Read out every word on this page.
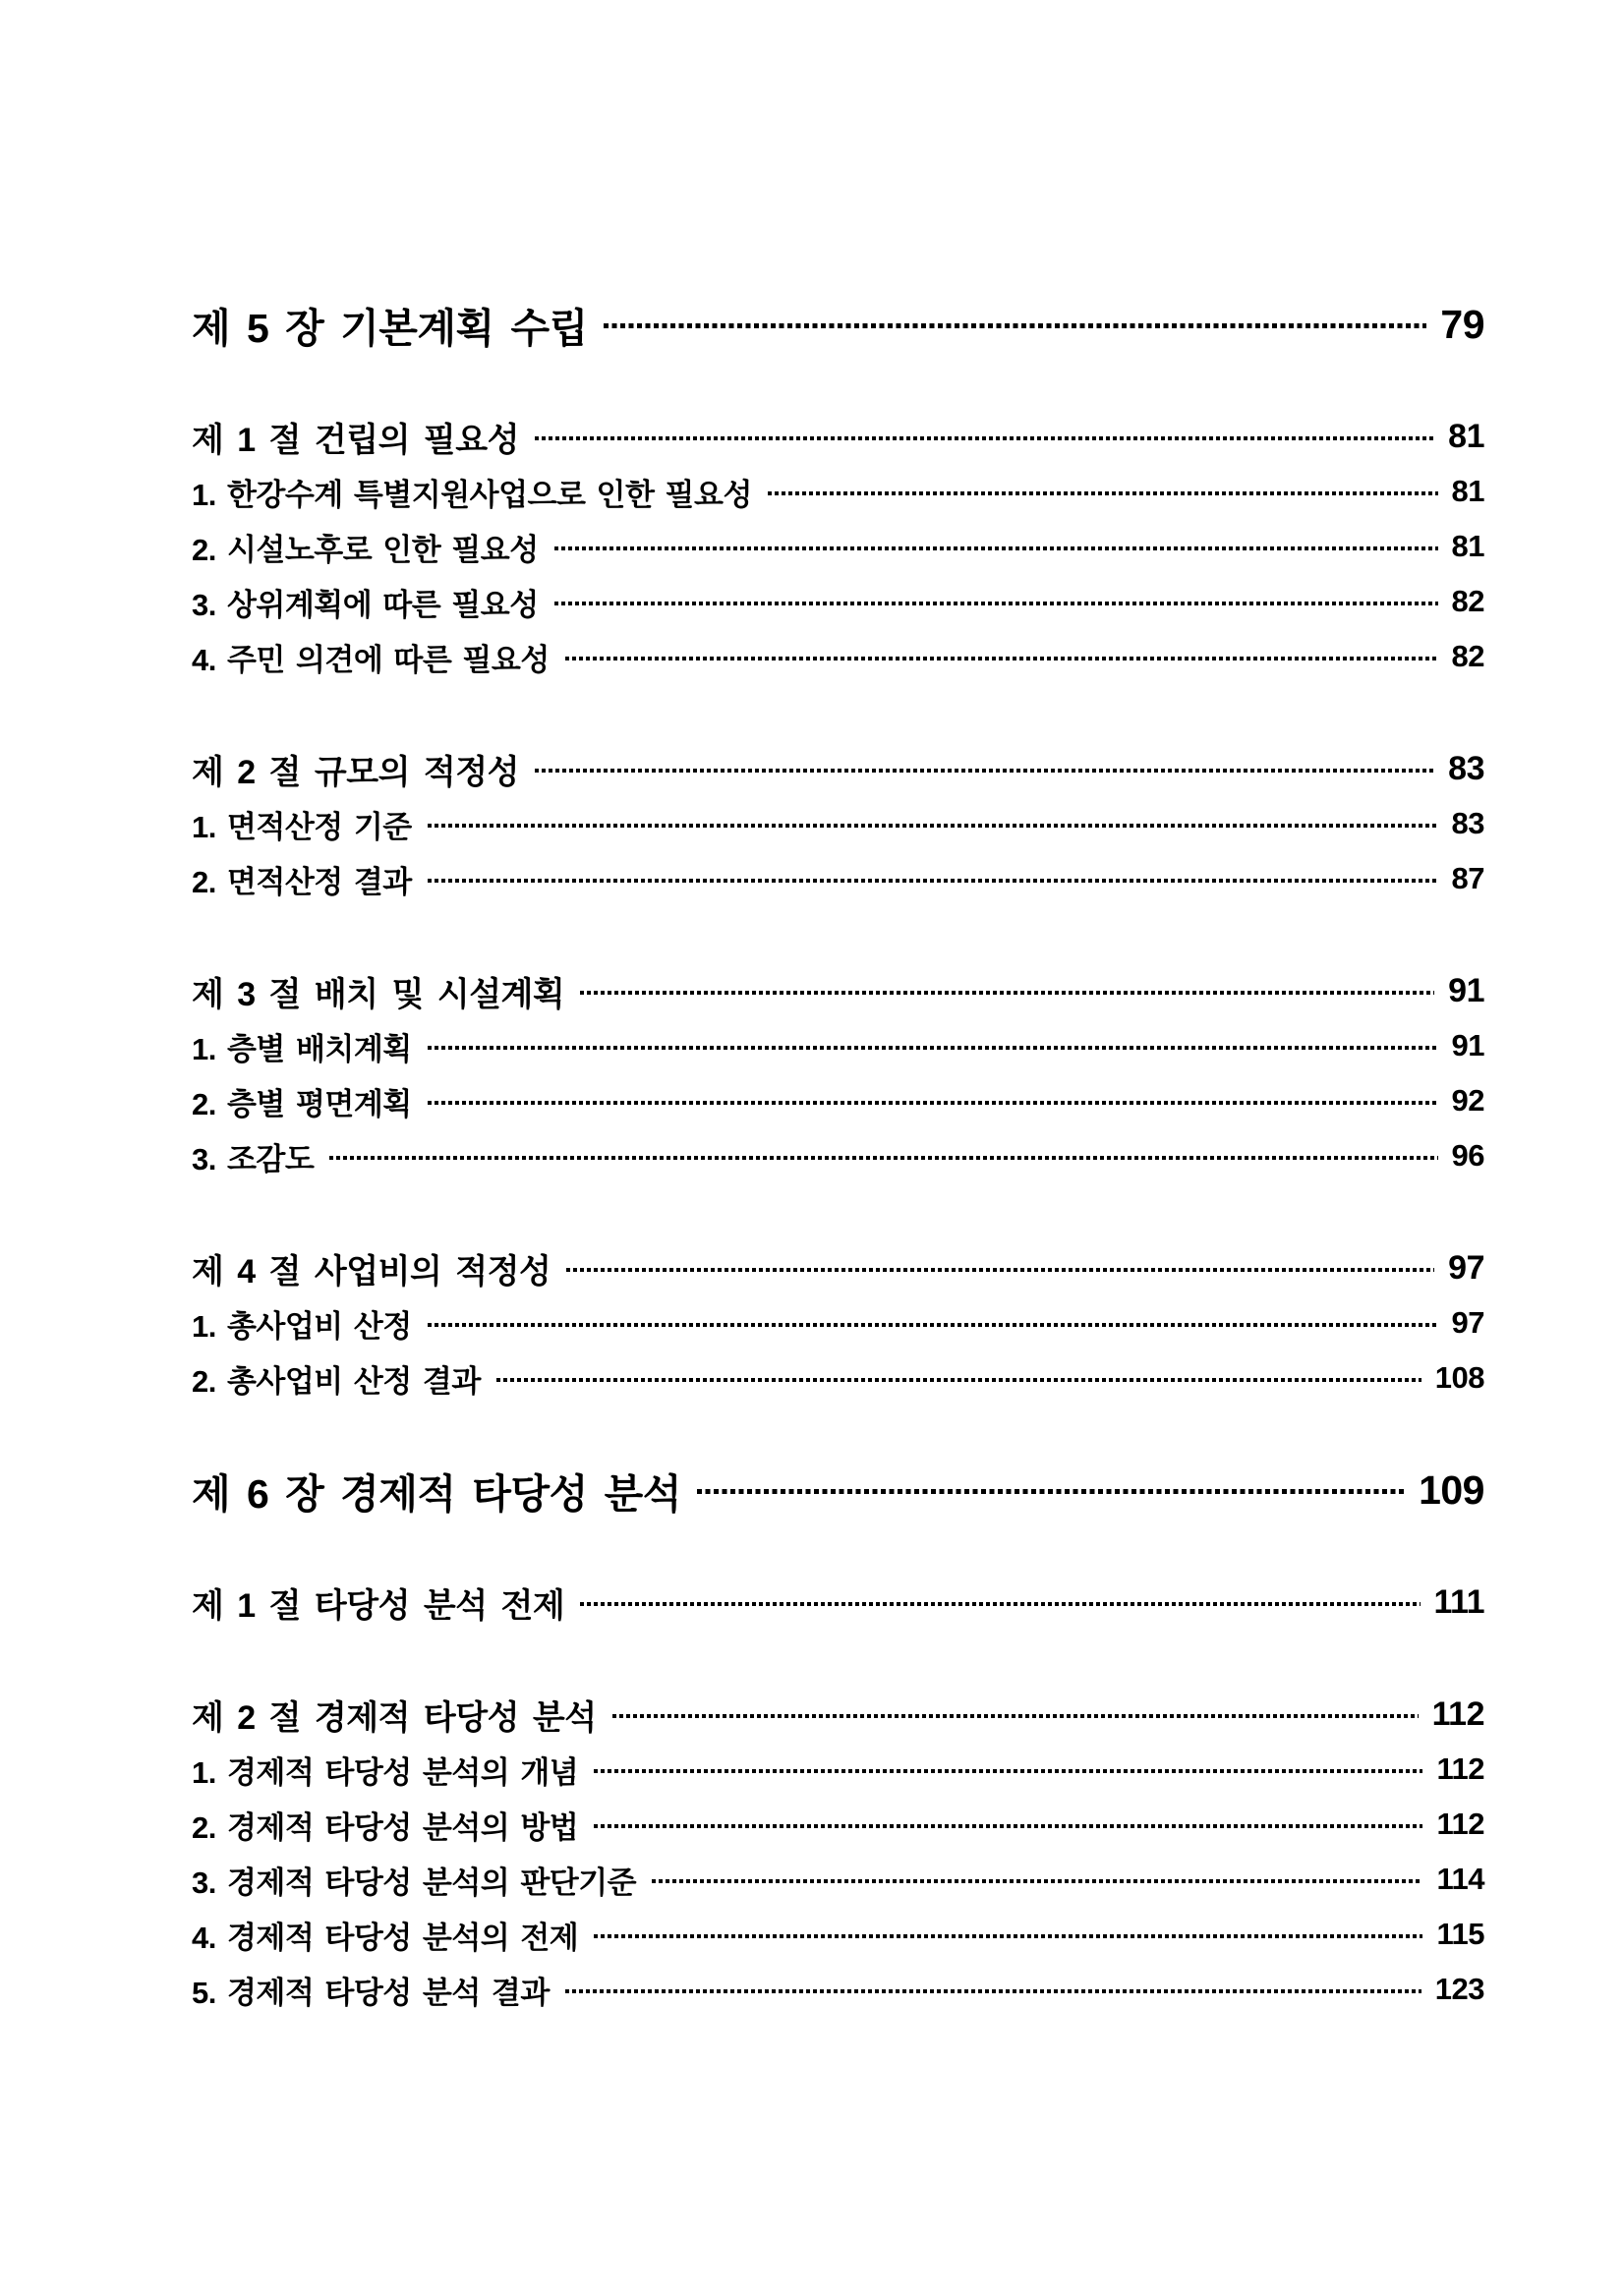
제 5 장 기본계획 수립	79
제 1 절 건립의 필요성	81
1. 한강수계 특별지원사업으로 인한 필요성	81
2. 시설노후로 인한 필요성	81
3. 상위계획에 따른 필요성	82
4. 주민 의견에 따른 필요성	82
제 2 절 규모의 적정성	83
1. 면적산정 기준	83
2. 면적산정 결과	87
제 3 절 배치 및 시설계획	91
1. 층별 배치계획	91
2. 층별 평면계획	92
3. 조감도	96
제 4 절 사업비의 적정성	97
1. 총사업비 산정	97
2. 총사업비 산정 결과	108
제 6 장 경제적 타당성 분석	109
제 1 절 타당성 분석 전제	111
제 2 절 경제적 타당성 분석	112
1. 경제적 타당성 분석의 개념	112
2. 경제적 타당성 분석의 방법	112
3. 경제적 타당성 분석의 판단기준	114
4. 경제적 타당성 분석의 전제	115
5. 경제적 타당성 분석 결과	123
